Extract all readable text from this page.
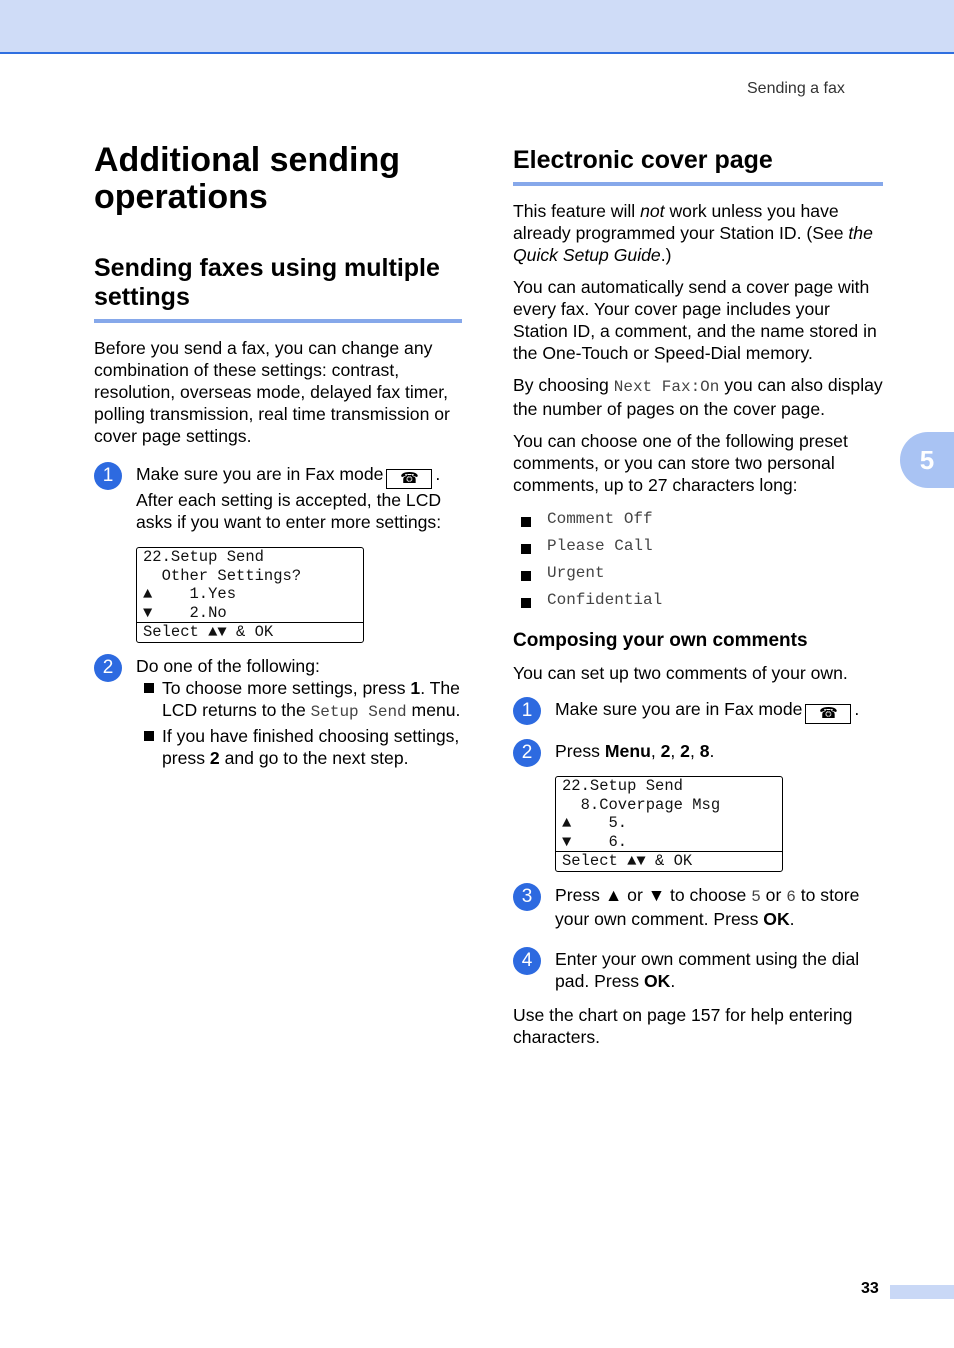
Sending a fax
5
Additional sending operations
Sending faxes using multiple settings

Before you send a fax, you can change any combination of these settings: contrast, resolution, overseas mode, delayed fax timer, polling transmission, real time transmission or cover page settings.

1	Make sure you are in Fax mode ☎ . After each setting is accepted, the LCD asks if you want to enter more settings:
22.Setup Send
Other Settings?
▲    1.Yes
▼    2.No
Select ▲▼ & OK
2	Do one of the following:
To choose more settings, press 1. The LCD returns to the Setup Send menu.
If you have finished choosing settings, press 2 and go to the next step.
Electronic cover page

This feature will not work unless you have already programmed your Station ID. (See the Quick Setup Guide.)

You can automatically send a cover page with every fax. Your cover page includes your Station ID, a comment, and the name stored in the One-Touch or Speed-Dial memory.

By choosing Next Fax:On you can also display the number of pages on the cover page.

You can choose one of the following preset comments, or you can store two personal comments, up to 27 characters long:

Comment Off
Please Call
Urgent
Confidential
Composing your own comments

You can set up two comments of your own.

1	Make sure you are in Fax mode ☎ .
2	Press Menu, 2, 2, 8.
22.Setup Send
8.Coverpage Msg
▲    5.
▼    6.
Select ▲▼ & OK
3	Press ▲ or ▼ to choose 5 or 6 to store your own comment. Press OK.
4	Enter your own comment using the dial pad. Press OK.

Use the chart on page 157 for help entering characters.

33
